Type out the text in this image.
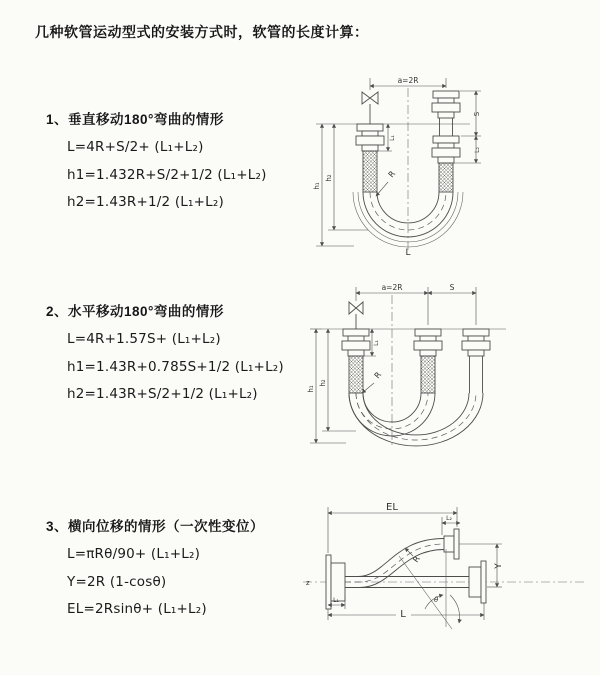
几种软管运动型式的安装方式时，软管的长度计算：
1、垂直移动180°弯曲的情形
L=4R+S/2+ (L₁+L₂)
h1=1.432R+S/2+1/2 (L₁+L₂)
h2=1.43R+1/2 (L₁+L₂)
2、水平移动180°弯曲的情形
L=4R+1.57S+ (L₁+L₂)
h1=1.43R+0.785S+1/2 (L₁+L₂)
h2=1.43R+S/2+1/2 (L₁+L₂)
3、横向位移的情形（一次性变位）
L=πRθ/90+ (L₁+L₂)
Y=2R (1-cosθ)
EL=2Rsinθ+ (L₁+L₂)
a=2R
R
h₁
h₂
L₁
S
L₂
L
a=2R	S
R
h₁
h₂
L₁
z
EL
L₂
Y
θ
R
L₁
L
